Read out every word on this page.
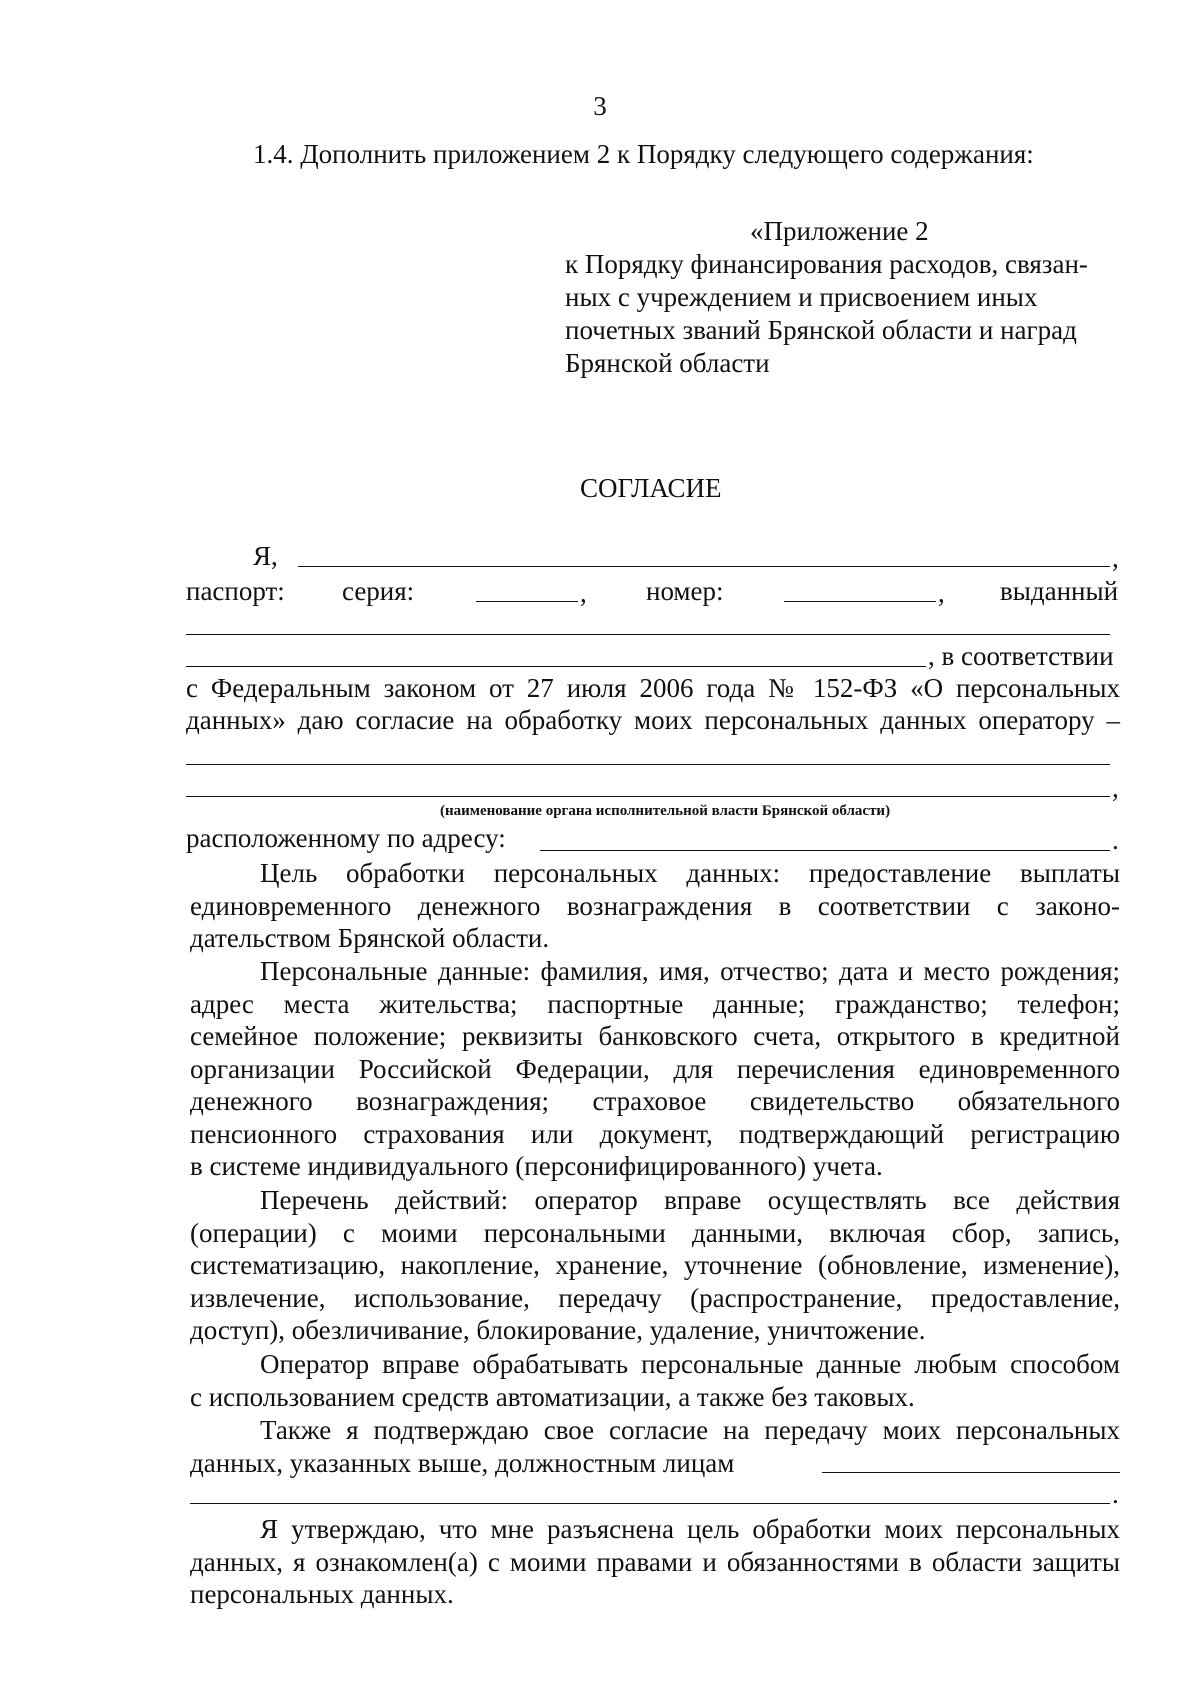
3
1.4. Дополнить приложением 2 к Порядку следующего содержания:
«Приложение 2
к Порядку финансирования расходов, связан-
ных с учреждением и присвоением иных
почетных званий Брянской области и наград
Брянской области
СОГЛАСИЕ
Я,	,
паспорт: серия:	, номер:	, выданный
, в соответствии
с Федеральным законом от 27 июля 2006 года № 152-ФЗ «О персональных
данных» даю согласие на обработку моих персональных данных оператору –
,
(наименование органа исполнительной власти Брянской области)
расположенному по адресу:	.
Цель обработки персональных данных: предоставление выплаты
единовременного денежного вознаграждения в соответствии с законо-
дательством Брянской области.
Персональные данные: фамилия, имя, отчество; дата и место рождения;
адрес места жительства; паспортные данные; гражданство; телефон;
семейное положение; реквизиты банковского счета, открытого в кредитной
организации Российской Федерации, для перечисления единовременного
денежного вознаграждения; страховое свидетельство обязательного
пенсионного страхования или документ, подтверждающий регистрацию
в системе индивидуального (персонифицированного) учета.
Перечень действий: оператор вправе осуществлять все действия
(операции) с моими персональными данными, включая сбор, запись,
систематизацию, накопление, хранение, уточнение (обновление, изменение),
извлечение, использование, передачу (распространение, предоставление,
доступ), обезличивание, блокирование, удаление, уничтожение.
Оператор вправе обрабатывать персональные данные любым способом
с использованием средств автоматизации, а также без таковых.
Также я подтверждаю свое согласие на передачу моих персональных
данных, указанных выше, должностным лицам
.
Я утверждаю, что мне разъяснена цель обработки моих персональных
данных, я ознакомлен(а) с моими правами и обязанностями в области защиты
персональных данных.
